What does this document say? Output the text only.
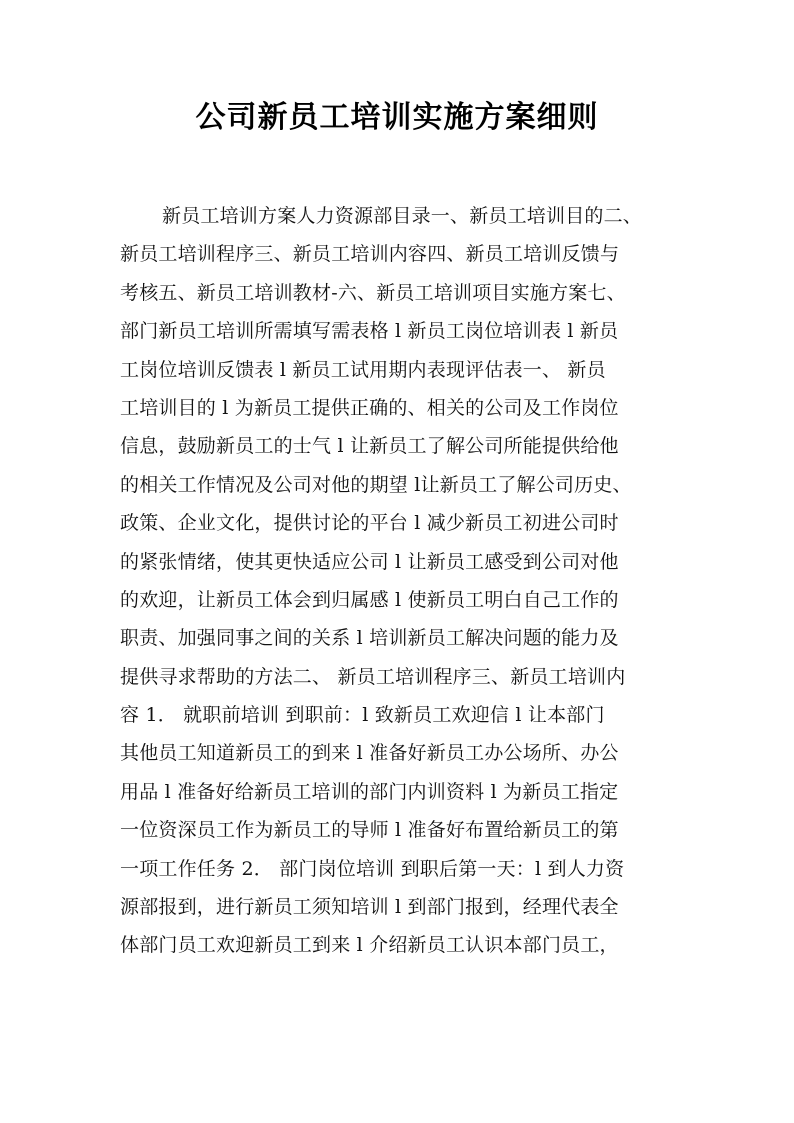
公司新员工培训实施方案细则
新员工培训方案人力资源部目录一、新员工培训目的二、
新员工培训程序三、新员工培训内容四、新员工培训反馈与
考核五、新员工培训教材-六、新员工培训项目实施方案七、
部门新员工培训所需填写需表格 l 新员工岗位培训表 l 新员
工岗位培训反馈表 l 新员工试用期内表现评估表一、 新员
工培训目的 l 为新员工提供正确的、相关的公司及工作岗位
信息，鼓励新员工的士气 l 让新员工了解公司所能提供给他
的相关工作情况及公司对他的期望 l让新员工了解公司历史、
政策、企业文化，提供讨论的平台 l 减少新员工初进公司时
的紧张情绪，使其更快适应公司 l 让新员工感受到公司对他
的欢迎，让新员工体会到归属感 l 使新员工明白自己工作的
职责、加强同事之间的关系 l 培训新员工解决问题的能力及
提供寻求帮助的方法二、 新员工培训程序三、新员工培训内
容 1． 就职前培训 到职前：l 致新员工欢迎信 l 让本部门
其他员工知道新员工的到来 l 准备好新员工办公场所、办公
用品 l 准备好给新员工培训的部门内训资料 l 为新员工指定
一位资深员工作为新员工的导师 l 准备好布置给新员工的第
一项工作任务 2． 部门岗位培训 到职后第一天：l 到人力资
源部报到，进行新员工须知培训 l 到部门报到，经理代表全
体部门员工欢迎新员工到来 l 介绍新员工认识本部门员工，
